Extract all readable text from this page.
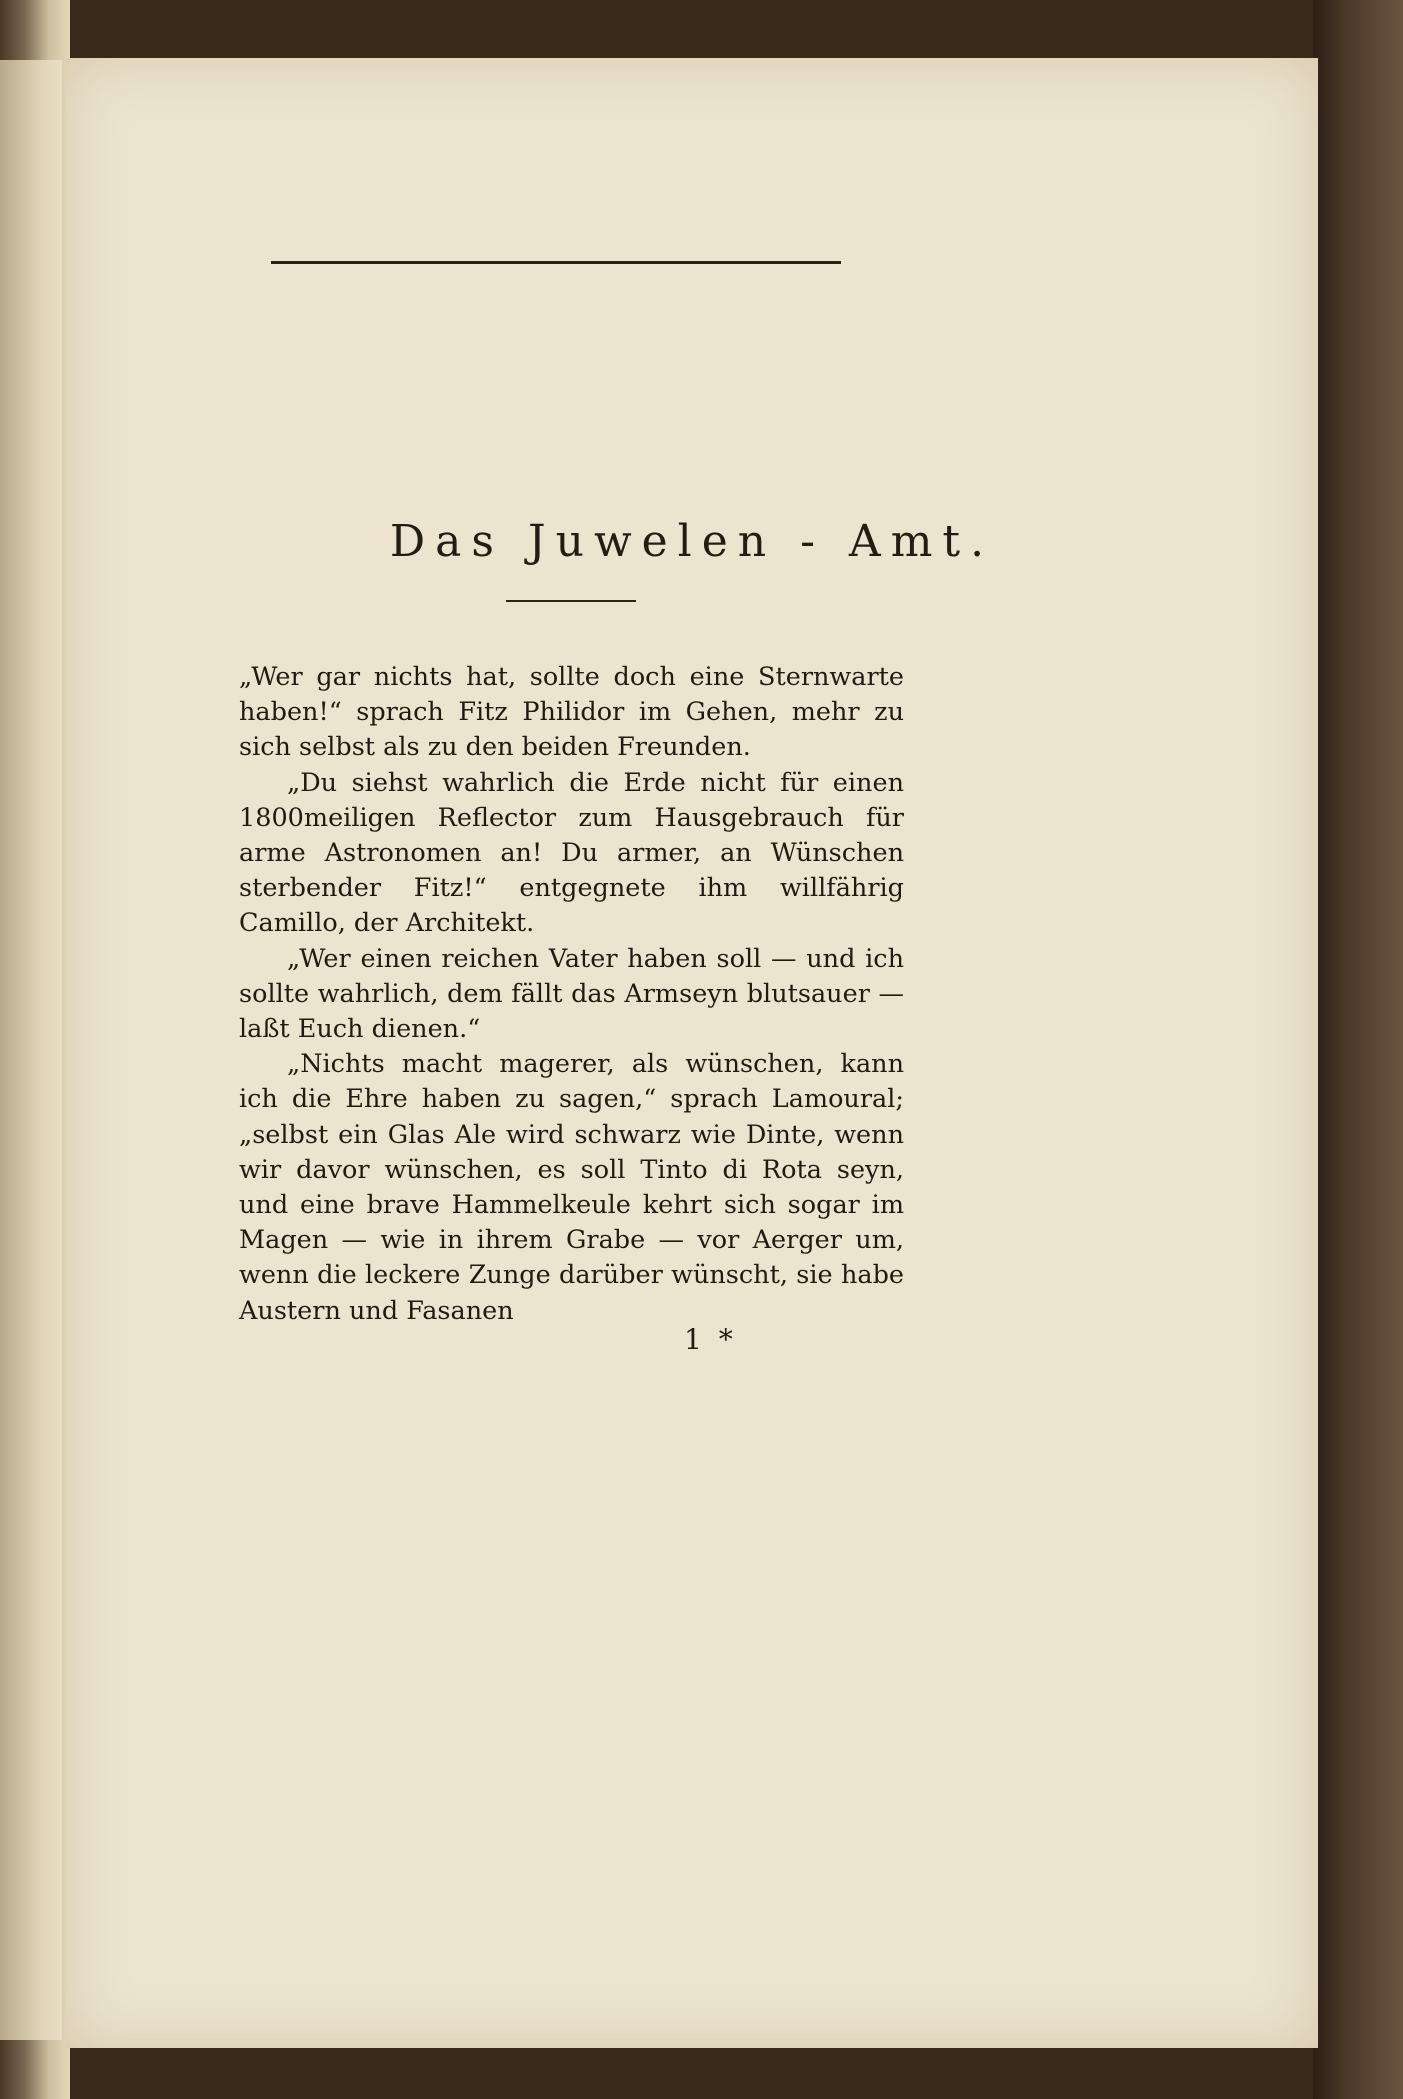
Das Juwelen - Amt.

„Wer gar nichts hat, sollte doch eine Sternwarte haben!“ sprach Fitz Philidor im Gehen, mehr zu sich selbst als zu den beiden Freunden.

„Du siehst wahrlich die Erde nicht für einen 1800meiligen Reflector zum Hausgebrauch für arme Astronomen an! Du armer, an Wünschen sterbender Fitz!“ entgegnete ihm willfährig Camillo, der Architekt.

„Wer einen reichen Vater haben soll — und ich sollte wahrlich, dem fällt das Armseyn blutsauer — laßt Euch dienen.“

„Nichts macht magerer, als wünschen, kann ich die Ehre haben zu sagen,“ sprach Lamoural; „selbst ein Glas Ale wird schwarz wie Dinte, wenn wir davor wünschen, es soll Tinto di Rota seyn, und eine brave Hammelkeule kehrt sich sogar im Magen — wie in ihrem Grabe — vor Aerger um, wenn die leckere Zunge darüber wünscht, sie habe Austern und Fasanen

1 *
